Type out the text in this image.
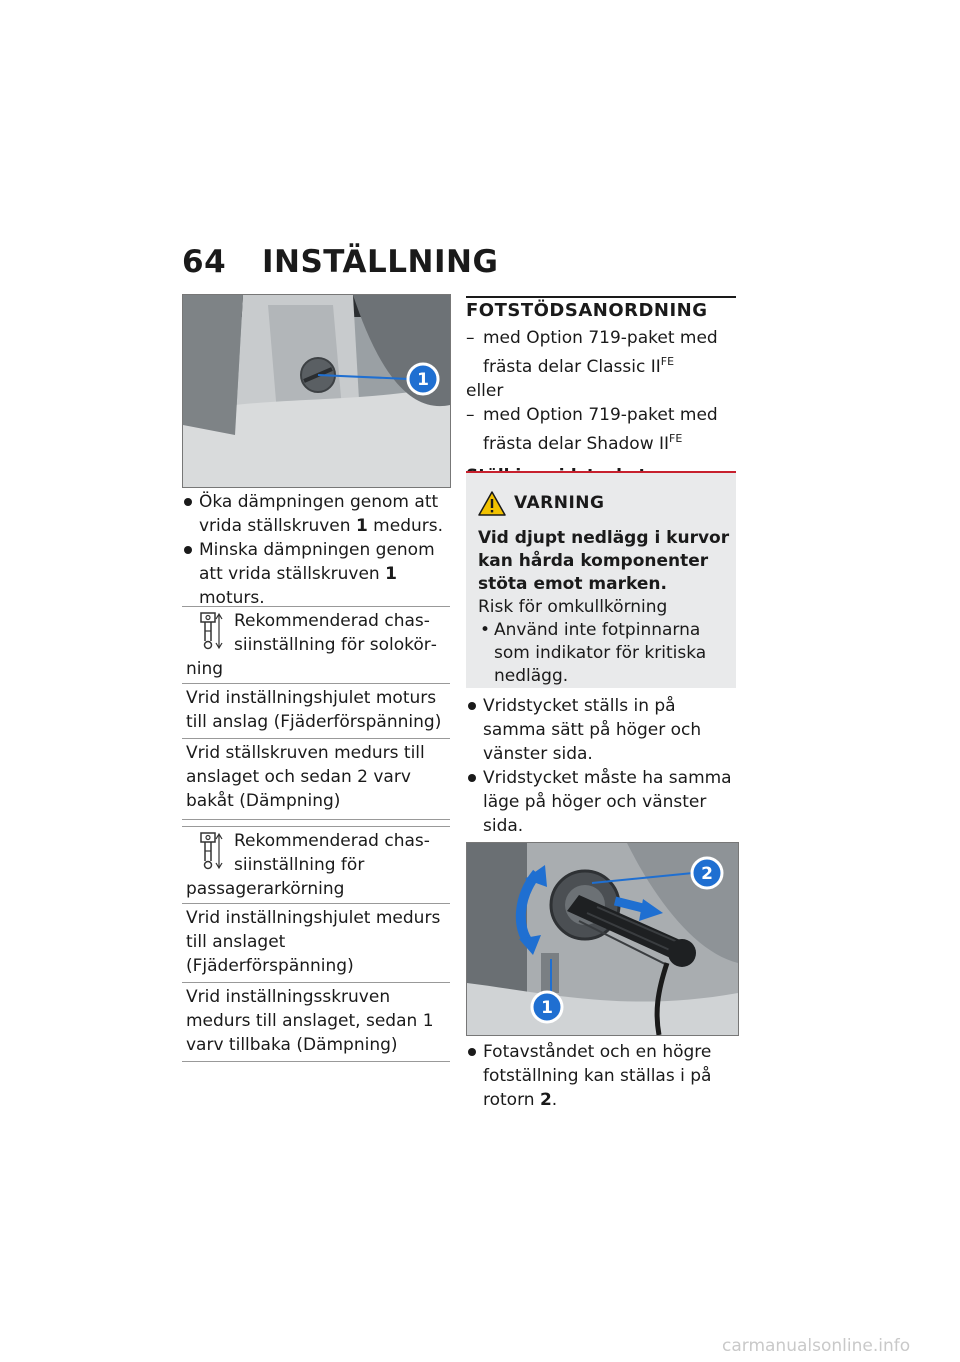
64 INSTÄLLNING
1
Öka dämpningen genom att vrida ställskruven 1 medurs.
Minska dämpningen genom att vrida ställskruven 1 moturs.
Rekommenderad chassiinställning för solokörning
Vrid inställningshjulet moturs till anslag (Fjäderförspänning)
Vrid ställskruven medurs till anslaget och sedan 2 varv bakåt (Dämpning)
Rekommenderad chassiinställning för passagerarkörning
Vrid inställningshjulet medurs till anslaget (Fjäderförspänning)
Vrid inställningsskruven medurs till anslaget, sedan 1 varv tillbaka (Dämpning)
FOTSTÖDSANORDNING
– med Option 719-paket med frästa delar Classic $II^{FE}$
eller
– med Option 719-paket med frästa delar Shadow $II^{FE}$
VARNING
Vid djupt nedlägg i kurvor kan hårda komponenter stöta emot marken.
Risk för omkullkörning
• Använd inte fotpinnarna som indikator för kritiska nedlägg.
Vridstycket ställs in på samma sätt på höger och vänster sida.
Vridstycket måste ha samma läge på höger och vänster sida.
2
1
Fotavståndet och en högre fotställning kan ställas i på rotorn 2.
carmanualsonline.info
